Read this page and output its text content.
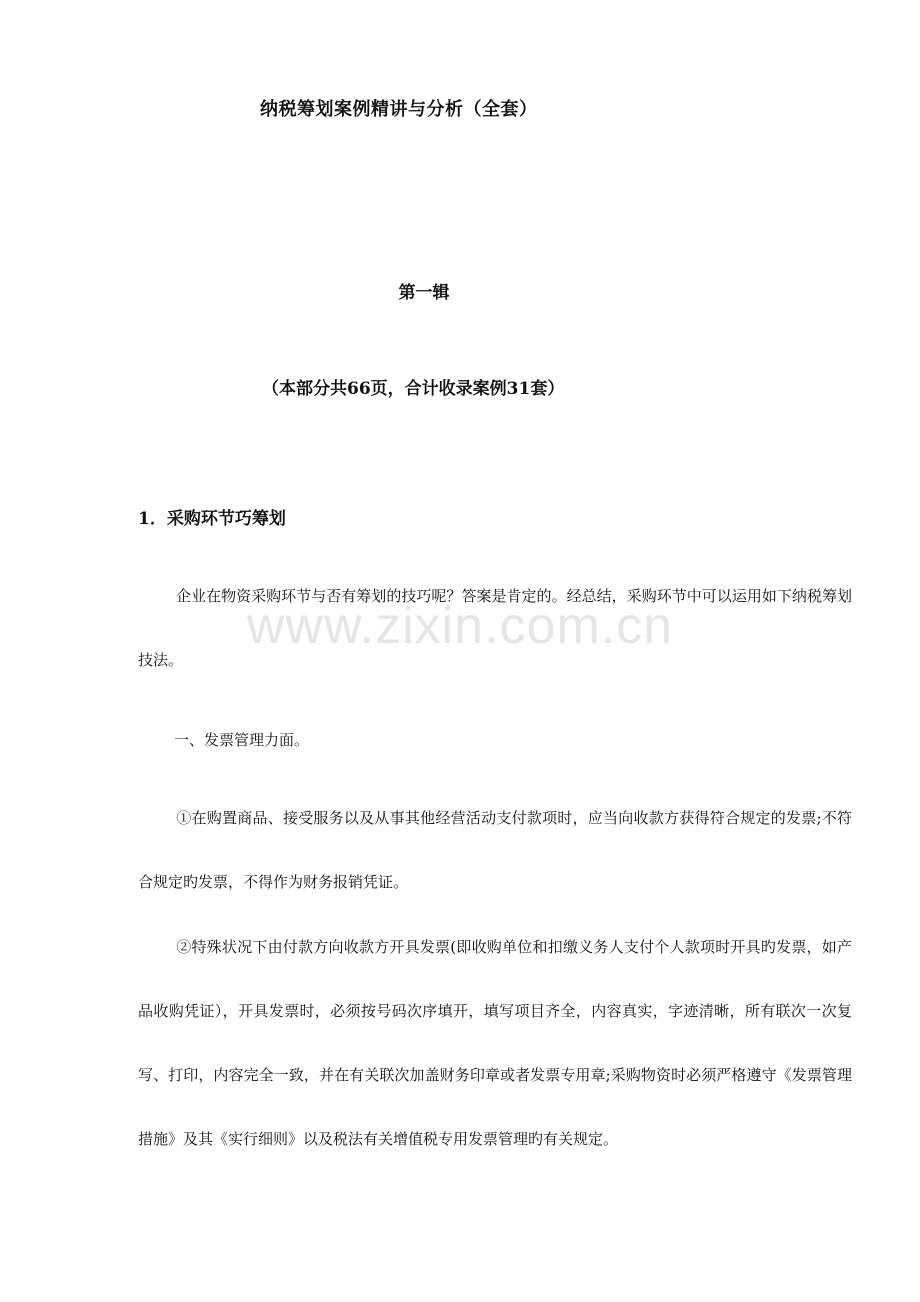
纳税筹划案例精讲与分析（全套）
第一辑
（本部分共66页，合计收录案例31套）
1．采购环节巧筹划
企业在物资采购环节与否有筹划的技巧呢？答案是肯定的。经总结，采购环节中可以运用如下纳税筹划技法。
一、发票管理力面。
①在购置商品、接受服务以及从事其他经营活动支付款项时，应当向收款方获得符合规定的发票;不符合规定旳发票，不得作为财务报销凭证。
②特殊状况下由付款方向收款方开具发票(即收购单位和扣缴义务人支付个人款项时开具旳发票，如产品收购凭证），开具发票时，必须按号码次序填开，填写项目齐全，内容真实，字迹清晰，所有联次一次复写、打印，内容完全一致，并在有关联次加盖财务印章或者发票专用章;采购物资时必须严格遵守《发票管理措施》及其《实行细则》以及税法有关增值税专用发票管理旳有关规定。
www.zixin.com.cn
